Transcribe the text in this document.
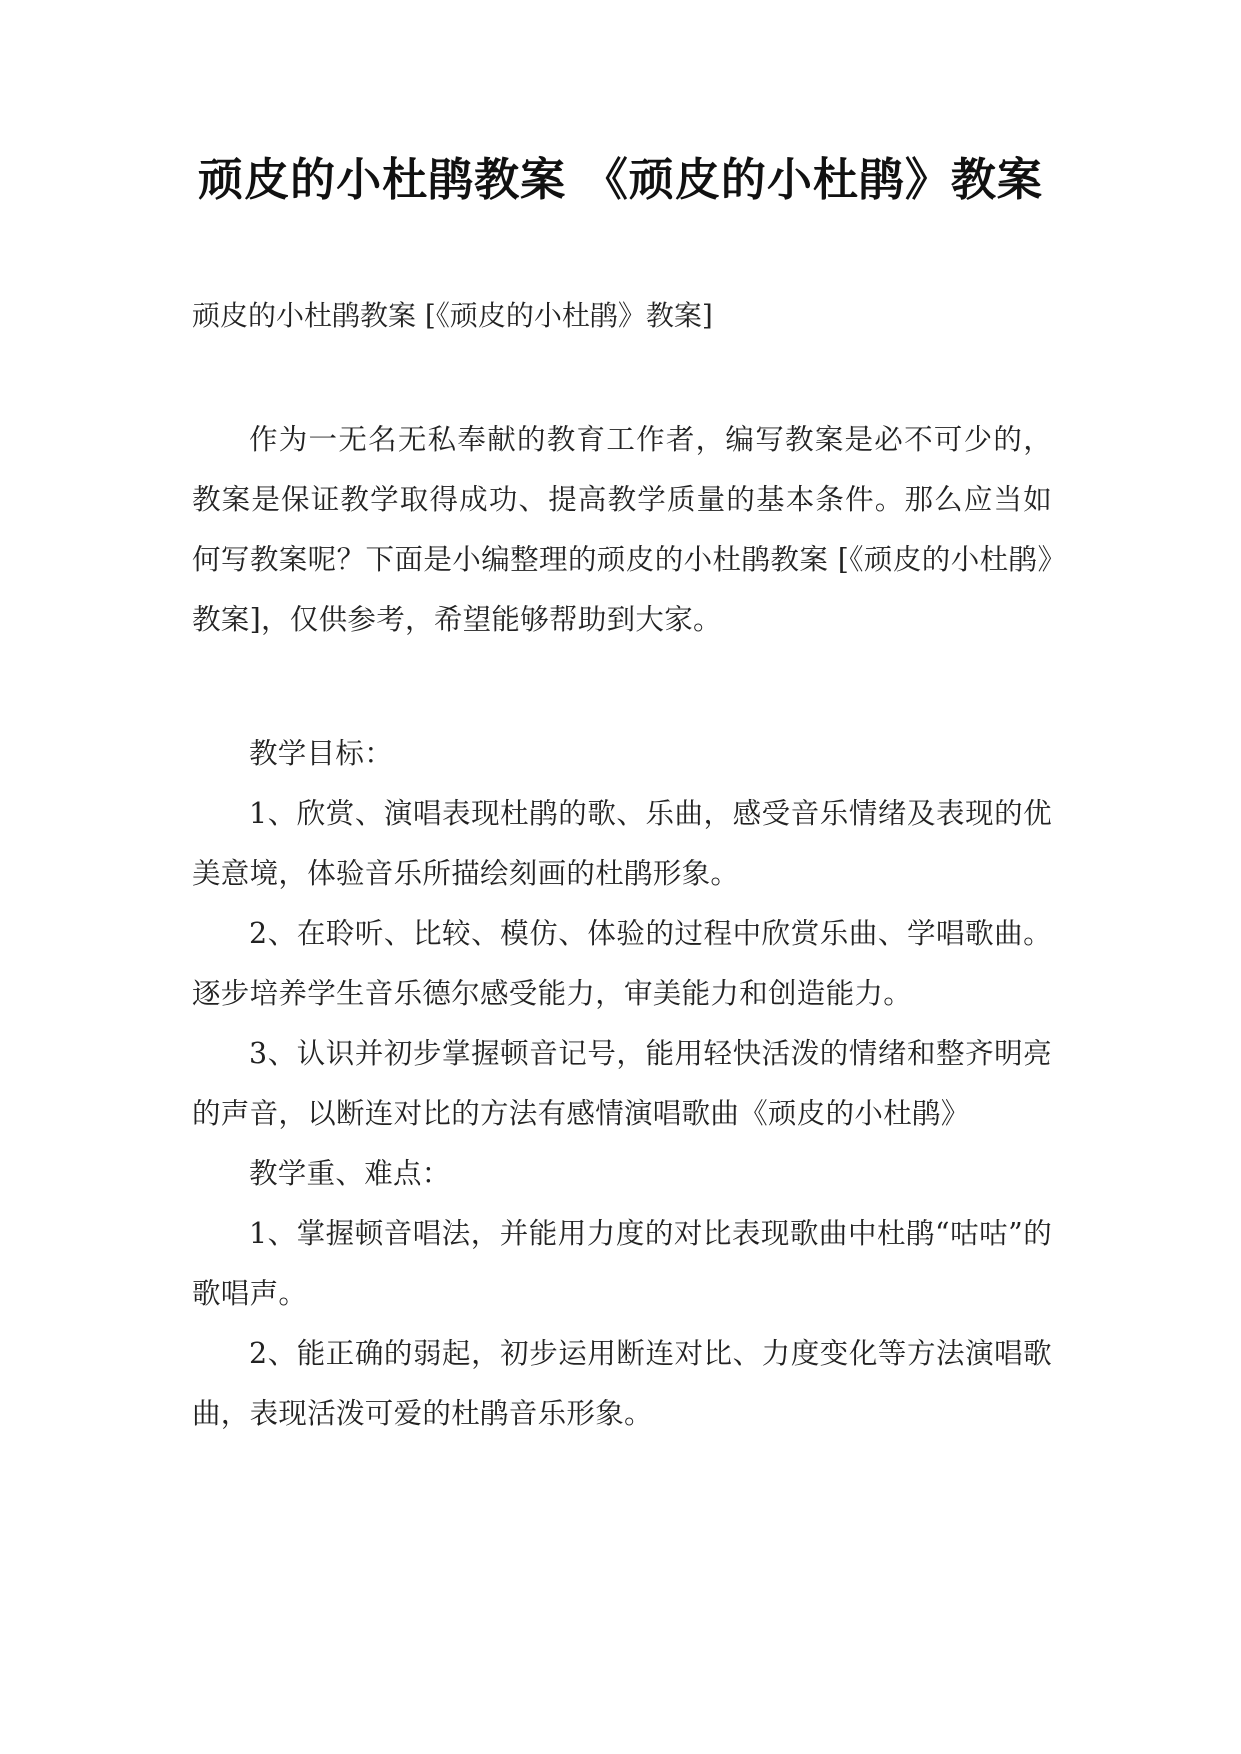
顽皮的小杜鹃教案 《顽皮的小杜鹃》教案
顽皮的小杜鹃教案 [《顽皮的小杜鹃》教案]

作为一无名无私奉献的教育工作者，编写教案是必不可少的，教案是保证教学取得成功、提高教学质量的基本条件。那么应当如何写教案呢？下面是小编整理的顽皮的小杜鹃教案 [《顽皮的小杜鹃》教案]，仅供参考，希望能够帮助到大家。

教学目标：

1、欣赏、演唱表现杜鹃的歌、乐曲，感受音乐情绪及表现的优美意境，体验音乐所描绘刻画的杜鹃形象。

2、在聆听、比较、模仿、体验的过程中欣赏乐曲、学唱歌曲。逐步培养学生音乐德尔感受能力，审美能力和创造能力。

3、认识并初步掌握顿音记号，能用轻快活泼的情绪和整齐明亮的声音，以断连对比的方法有感情演唱歌曲《顽皮的小杜鹃》

教学重、难点：

1、掌握顿音唱法，并能用力度的对比表现歌曲中杜鹃“咕咕”的歌唱声。

2、能正确的弱起，初步运用断连对比、力度变化等方法演唱歌曲，表现活泼可爱的杜鹃音乐形象。
